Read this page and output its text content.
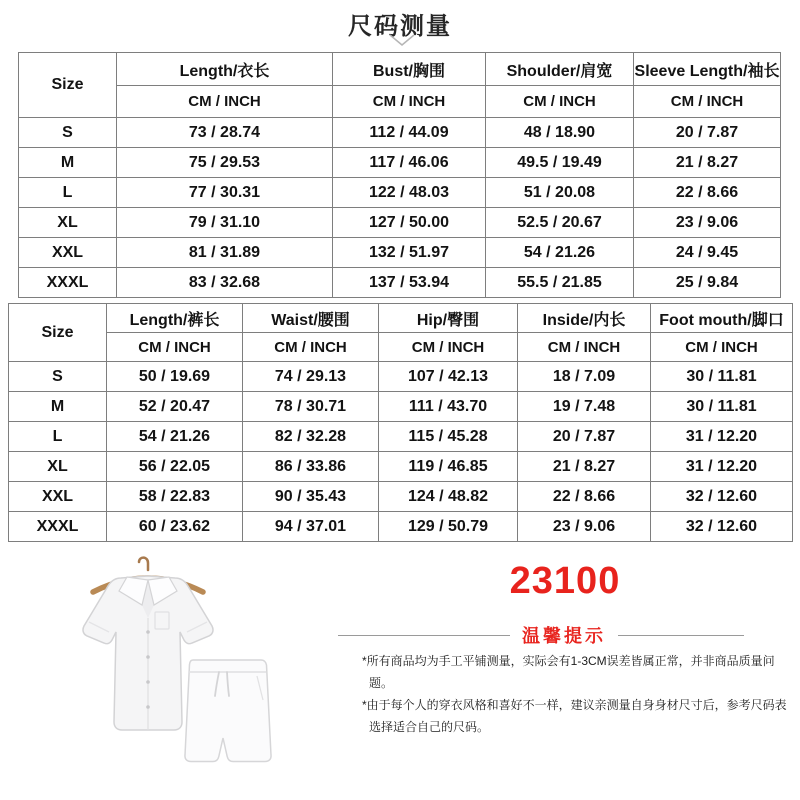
尺码测量
Size	Length/衣长	Bust/胸围	Shoulder/肩宽	Sleeve Length/袖长
	CM / INCH	CM / INCH	CM / INCH	CM / INCH
S	73 / 28.74	112 / 44.09	48 / 18.90	20 / 7.87
M	75 / 29.53	117 / 46.06	49.5 / 19.49	21 / 8.27
L	77 / 30.31	122 / 48.03	51 / 20.08	22 / 8.66
XL	79 / 31.10	127 / 50.00	52.5 / 20.67	23 / 9.06
XXL	81 / 31.89	132 / 51.97	54 / 21.26	24 / 9.45
XXXL	83 / 32.68	137 / 53.94	55.5 / 21.85	25 / 9.84
Size	Length/裤长	Waist/腰围	Hip/臀围	Inside/内长	Foot mouth/脚口
	CM / INCH	CM / INCH	CM / INCH	CM / INCH	CM / INCH
S	50 / 19.69	74 / 29.13	107 / 42.13	18 / 7.09	30 / 11.81
M	52 / 20.47	78 / 30.71	111 / 43.70	19 / 7.48	30 / 11.81
L	54 / 21.26	82 / 32.28	115 / 45.28	20 / 7.87	31 / 12.20
XL	56 / 22.05	86 / 33.86	119 / 46.85	21 / 8.27	31 / 12.20
XXL	58 / 22.83	90 / 35.43	124 / 48.82	22 / 8.66	32 / 12.60
XXXL	60 / 23.62	94 / 37.01	129 / 50.79	23 / 9.06	32 / 12.60
23100
温馨提示

*所有商品均为手工平铺测量，实际会有1-3CM误差皆属正常，并非商品质量问题。

*由于每个人的穿衣风格和喜好不一样，建议亲测量自身身材尺寸后，参考尺码表选择适合自己的尺码。
